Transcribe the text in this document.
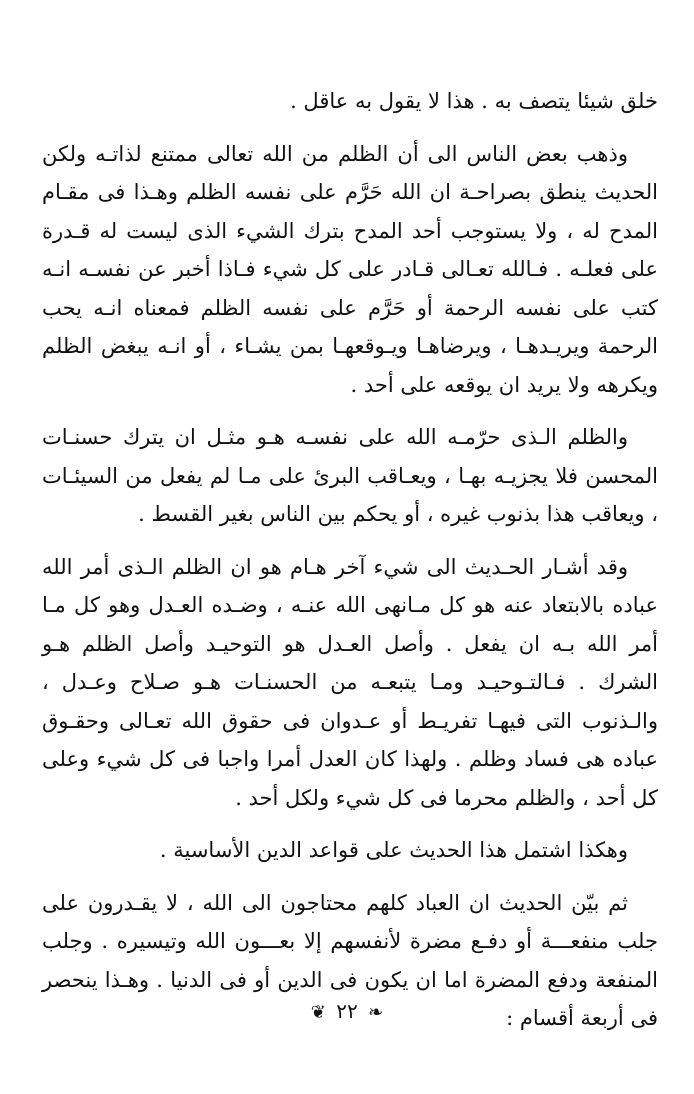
خلق شيئا يتصف به . هذا لا يقول به عاقل .

وذهب بعض الناس الى أن الظلم من الله تعالى ممتنع لذاتـه ولكن الحديث ينطق بصراحـة ان الله حَرَّم على نفسه الظلم وهـذا فى مقـام المدح له ، ولا يستوجب أحد المدح بترك الشيء الذى ليست له قـدرة على فعلـه . فـالله تعـالى قـادر على كل شيء فـاذا أخبر عن نفسـه انـه كتب على نفسه الرحمة أو حَرَّم على نفسه الظلم فمعناه انـه يحب الرحمة ويريـدهـا ، ويرضاهـا ويـوقعهـا بمن يشـاء ، أو انـه يبغض الظلم ويكرهه ولا يريد ان يوقعه على أحد .

والظلم الـذى حرّمـه الله على نفسـه هـو مثـل ان يترك حسنـات المحسن فلا يجزيـه بهـا ، ويعـاقب البرئ على مـا لم يفعل من السيئـات ، ويعاقب هذا بذنوب غيره ، أو يحكم بين الناس بغير القسط .

وقد أشـار الحـديث الى شيء آخر هـام هو ان الظلم الـذى أمر الله عباده بالابتعاد عنه هو كل مـانهى الله عنـه ، وضـده العـدل وهو كل مـا أمر الله بـه ان يفعل . وأصل العـدل هو التوحيـد وأصل الظلم هـو الشرك . فـالتـوحيـد ومـا يتبعـه من الحسنـات هـو صـلاح وعـدل ، والـذنوب التى فيهـا تفريـط أو عـدوان فى حقوق الله تعـالى وحقـوق عباده هى فساد وظلم . ولهذا كان العدل أمرا واجبا فى كل شيء وعلى كل أحد ، والظلم محرما فى كل شيء ولكل أحد .

وهكذا اشتمل هذا الحديث على قواعد الدين الأساسية .

ثم بيّن الحديث ان العباد كلهم محتاجون الى الله ، لا يقـدرون على جلب منفعـــة أو دفـع مضرة لأنفسهم إلا بعـــون الله وتيسيره . وجلب المنفعة ودفع المضرة اما ان يكون فى الدين أو فى الدنيا . وهـذا ينحصر فى أربعة أقسام :

❧ ٢٢ ❦
